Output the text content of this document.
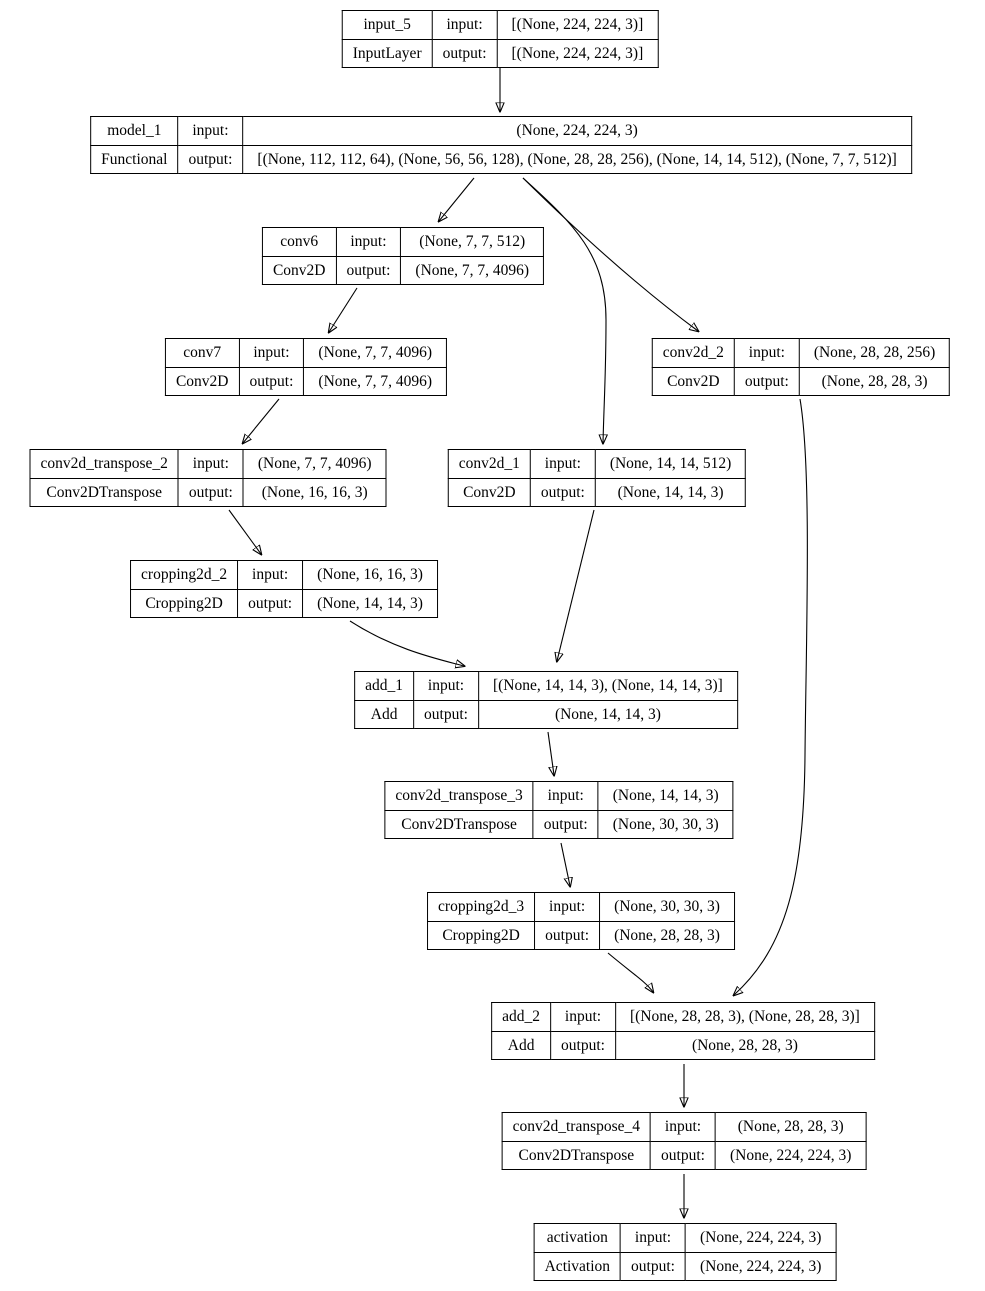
input_5	input:	[(None, 224, 224, 3)]
InputLayer	output:	[(None, 224, 224, 3)]
model_1	input:	(None, 224, 224, 3)
Functional	output:	[(None, 112, 112, 64), (None, 56, 56, 128), (None, 28, 28, 256), (None, 14, 14, 512), (None, 7, 7, 512)]
conv6	input:	(None, 7, 7, 512)
Conv2D	output:	(None, 7, 7, 4096)
conv7	input:	(None, 7, 7, 4096)
Conv2D	output:	(None, 7, 7, 4096)
conv2d_2	input:	(None, 28, 28, 256)
Conv2D	output:	(None, 28, 28, 3)
conv2d_transpose_2	input:	(None, 7, 7, 4096)
Conv2DTranspose	output:	(None, 16, 16, 3)
conv2d_1	input:	(None, 14, 14, 512)
Conv2D	output:	(None, 14, 14, 3)
cropping2d_2	input:	(None, 16, 16, 3)
Cropping2D	output:	(None, 14, 14, 3)
add_1	input:	[(None, 14, 14, 3), (None, 14, 14, 3)]
Add	output:	(None, 14, 14, 3)
conv2d_transpose_3	input:	(None, 14, 14, 3)
Conv2DTranspose	output:	(None, 30, 30, 3)
cropping2d_3	input:	(None, 30, 30, 3)
Cropping2D	output:	(None, 28, 28, 3)
add_2	input:	[(None, 28, 28, 3), (None, 28, 28, 3)]
Add	output:	(None, 28, 28, 3)
conv2d_transpose_4	input:	(None, 28, 28, 3)
Conv2DTranspose	output:	(None, 224, 224, 3)
activation	input:	(None, 224, 224, 3)
Activation	output:	(None, 224, 224, 3)
